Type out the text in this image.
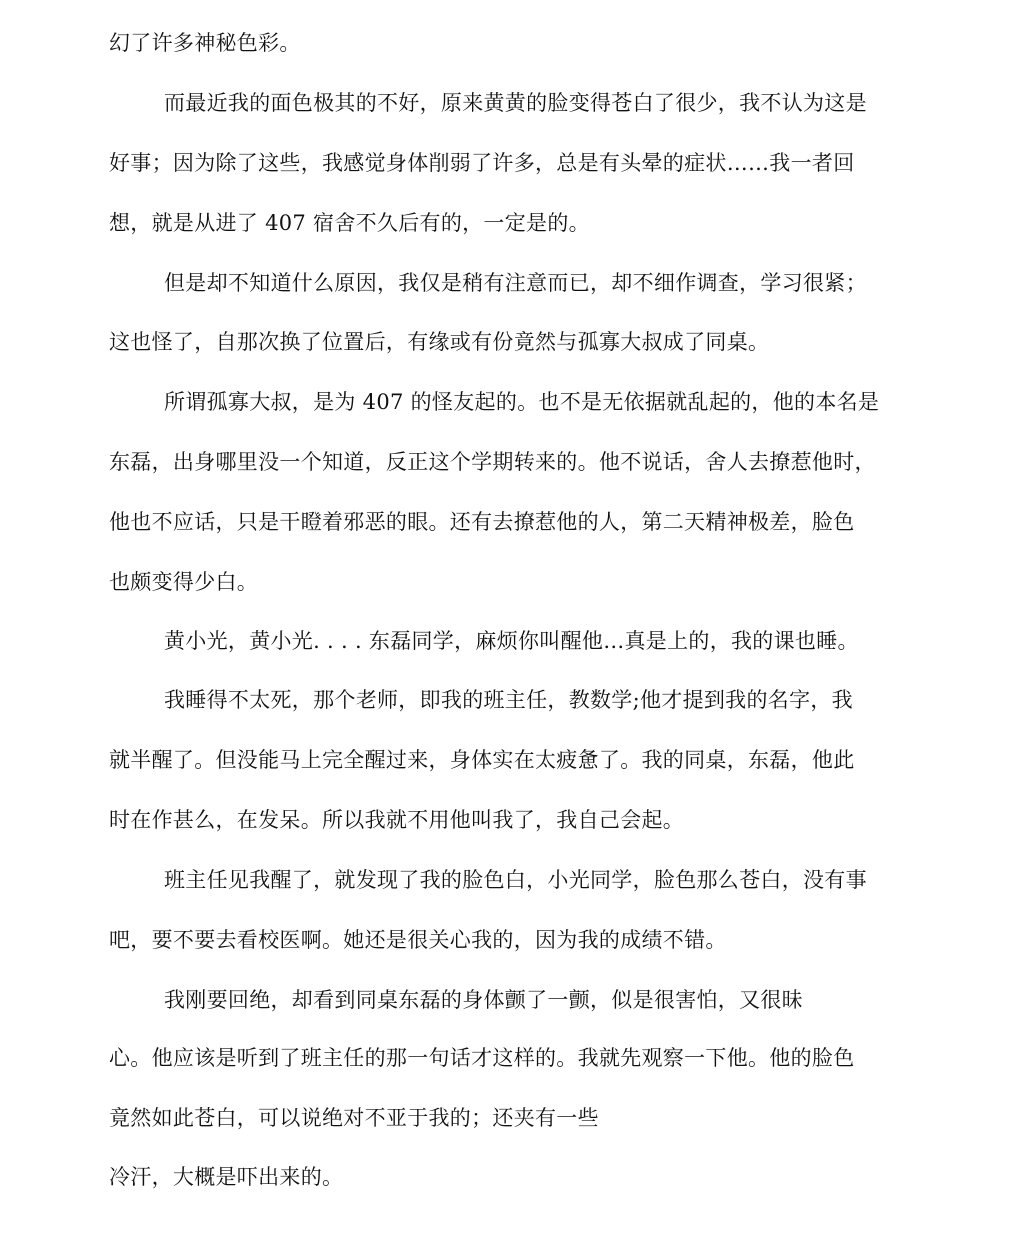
幻了许多神秘色彩。
而最近我的面色极其的不好，原来黄黄的脸变得苍白了很少，我不认为这是
好事；因为除了这些，我感觉身体削弱了许多，总是有头晕的症状……我一者回
想，就是从进了 407 宿舍不久后有的，一定是的。
但是却不知道什么原因，我仅是稍有注意而已，却不细作调查，学习很紧；
这也怪了，自那次换了位置后，有缘或有份竟然与孤寡大叔成了同桌。
所谓孤寡大叔，是为 407 的怪友起的。也不是无依据就乱起的，他的本名是
东磊，出身哪里没一个知道，反正这个学期转来的。他不说话，舍人去撩惹他时，
他也不应话，只是干瞪着邪恶的眼。还有去撩惹他的人，第二天精神极差，脸色
也颇变得少白。
黄小光，黄小光. . . . 东磊同学，麻烦你叫醒他…真是上的，我的课也睡。
我睡得不太死，那个老师，即我的班主任，教数学;他才提到我的名字，我
就半醒了。但没能马上完全醒过来，身体实在太疲惫了。我的同桌，东磊，他此
时在作甚么，在发呆。所以我就不用他叫我了，我自己会起。
班主任见我醒了，就发现了我的脸色白，小光同学，脸色那么苍白，没有事
吧，要不要去看校医啊。她还是很关心我的，因为我的成绩不错。
我刚要回绝，却看到同桌东磊的身体颤了一颤，似是很害怕，又很昧
心。他应该是听到了班主任的那一句话才这样的。我就先观察一下他。他的脸色
竟然如此苍白，可以说绝对不亚于我的；还夹有一些
冷汗，大概是吓出来的。
